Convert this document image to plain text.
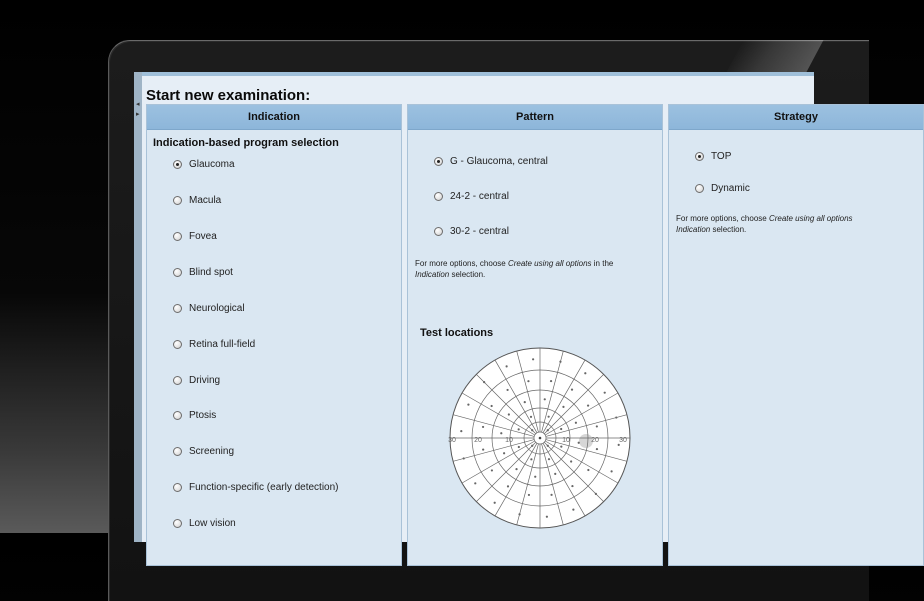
◂
▸
Start new examination:
Indication
Indication-based program selection
Glaucoma
Macula
Fovea
Blind spot
Neurological
Retina full-field
Driving
Ptosis
Screening
Function-specific (early detection)
Low vision
Pattern
G - Glaucoma, central
24-2 - central
30-2 - central
For more options, choose Create using all options in the
Indication selection.
Test locations
30	20	10	10	20	30
Strategy
TOP
Dynamic
For more options, choose Create using all options
Indication selection.
